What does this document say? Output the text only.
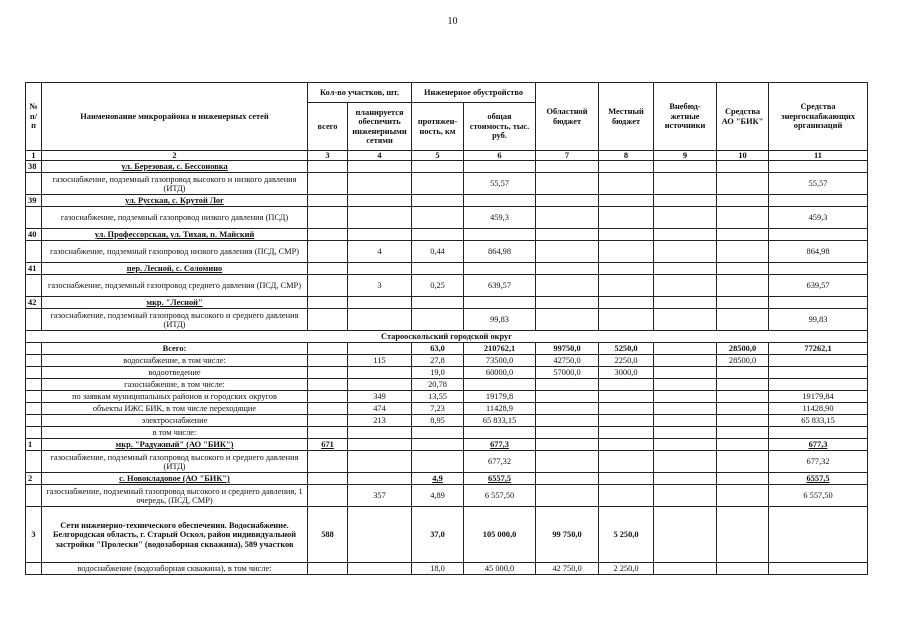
10
№ п/п	Наименование микрорайона и инженерных сетей	Кол-во участков, шт.		Инженерное обустройство		Областной бюджет	Местный бюджет	Внебюд-жетные источники	Средства АО "БИК"	Средства энергоснабжающих организаций
		всего	планируется обеспечить инженерными сетями	протяжен-ность, км	общая стоимость, тыс. руб.					
1	2	3	4	5	6	7	8	9	10	11
38	ул. Березовая, с. Бессоновка									
	газоснабжение, подземный газопровод высокого и низкого давления (ИТД)				55,57					55,57
39	ул. Русская, с. Крутой Лог									
	газоснабжение, подземный газопровод низкого давления (ПСД)				459,3					459,3
40	ул. Профессорская, ул. Тихая, п. Майский									
	газоснабжение, подземный газопровод низкого давления (ПСД, СМР)		4	0,44	864,98					864,98
41	пер. Лесной, с. Соломино									
	газоснабжение, подземный газопровод среднего давления (ПСД, СМР)		3	0,25	639,57					639,57
42	мкр. "Лесной"									
	газоснабжение, подземный газопровод высокого и среднего давления (ИТД)				99,83					99,83
Старооскольский городской округ										
	Всего:			63,0	210762,1	99750,0	5250,0		28500,0	77262,1
	водоснабжение, в том числе:		115	27,8	73500,0	42750,0	2250,0		28500,0	
	водоотведение			19,0	60000,0	57000,0	3000,0			
	газоснабжение, в том числе:			20,78						
	по заявкам муниципальных районов и городских округов		349	13,55	19179,8					19179,84
	объекты ИЖС БИК, в том числе переходящие		474	7,23	11428,9					11428,90
	электроснабжение		213	8,95	65 833,15					65 833,15
	в том числе:									
1	мкр. "Радужный" (АО "БИК")	671			677,3					677,3
	газоснабжение, подземный газопровод высокого и среднего давления (ИТД)				677,32					677,32
2	с. Новокладовое (АО "БИК")			4,9	6557,5					6557,5
	газоснабжение, подземный газопровод высокого и среднего давления, 1 очередь, (ПСД, СМР)		357	4,89	6 557,50					6 557,50
3	Сети инженерно-технического обеспечения. Водоснабжение. Белгородская область, г. Старый Оскол, район индивидуальной застройки "Пролески" (водозаборная скважина), 589 участков	588		37,0	105 000,0	99 750,0	5 250,0			
	водоснабжение (водозаборная скважина), в том числе:			18,0	45 000,0	42 750,0	2 250,0			
